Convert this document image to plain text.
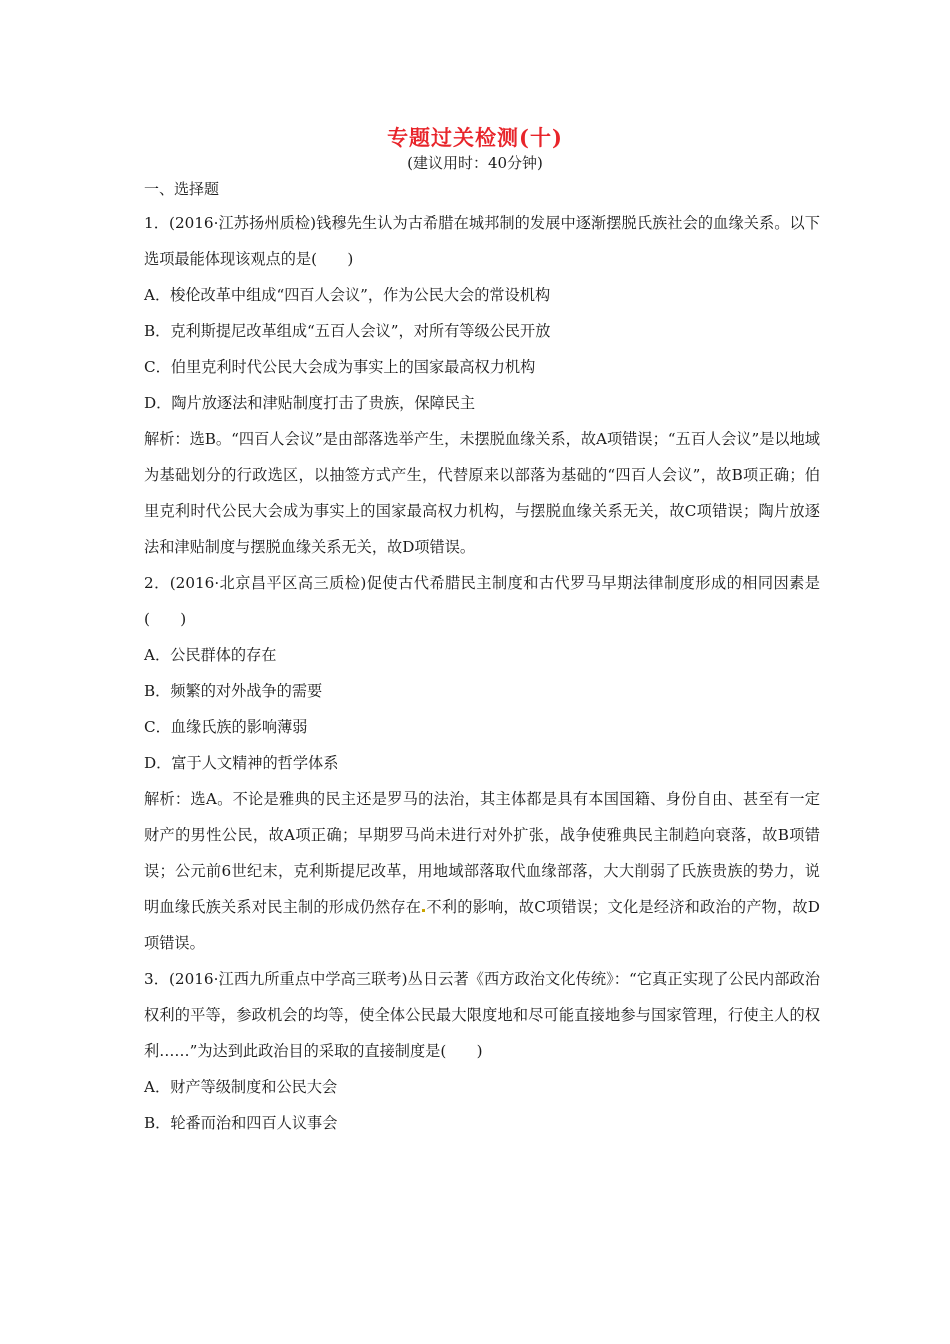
专题过关检测(十)
(建议用时：40分钟)
一、选择题

1．(2016·江苏扬州质检)钱穆先生认为古希腊在城邦制的发展中逐渐摆脱氏族社会的血缘关系。以下选项最能体现该观点的是(　　)

A．梭伦改革中组成“四百人会议”，作为公民大会的常设机构

B．克利斯提尼改革组成“五百人会议”，对所有等级公民开放

C．伯里克利时代公民大会成为事实上的国家最高权力机构

D．陶片放逐法和津贴制度打击了贵族，保障民主

解析：选B。“四百人会议”是由部落选举产生，未摆脱血缘关系，故A项错误；“五百人会议”是以地域为基础划分的行政选区，以抽签方式产生，代替原来以部落为基础的“四百人会议”，故B项正确；伯里克利时代公民大会成为事实上的国家最高权力机构，与摆脱血缘关系无关，故C项错误；陶片放逐法和津贴制度与摆脱血缘关系无关，故D项错误。

2．(2016·北京昌平区高三质检)促使古代希腊民主制度和古代罗马早期法律制度形成的相同因素是(　　)

A．公民群体的存在

B．频繁的对外战争的需要

C．血缘氏族的影响薄弱

D．富于人文精神的哲学体系

解析：选A。不论是雅典的民主还是罗马的法治，其主体都是具有本国国籍、身份自由、甚至有一定财产的男性公民，故A项正确；早期罗马尚未进行对外扩张，战争使雅典民主制趋向衰落，故B项错误；公元前6世纪末，克利斯提尼改革，用地域部落取代血缘部落，大大削弱了氏族贵族的势力，说明血缘氏族关系对民主制的形成仍然存在 不利的影响，故C项错误；文化是经济和政治的产物，故D项错误。

3．(2016·江西九所重点中学高三联考)丛日云著《西方政治文化传统》：“它真正实现了公民内部政治权利的平等，参政机会的均等，使全体公民最大限度地和尽可能直接地参与国家管理，行使主人的权利……”为达到此政治目的采取的直接制度是(　　)

A．财产等级制度和公民大会

B．轮番而治和四百人议事会
